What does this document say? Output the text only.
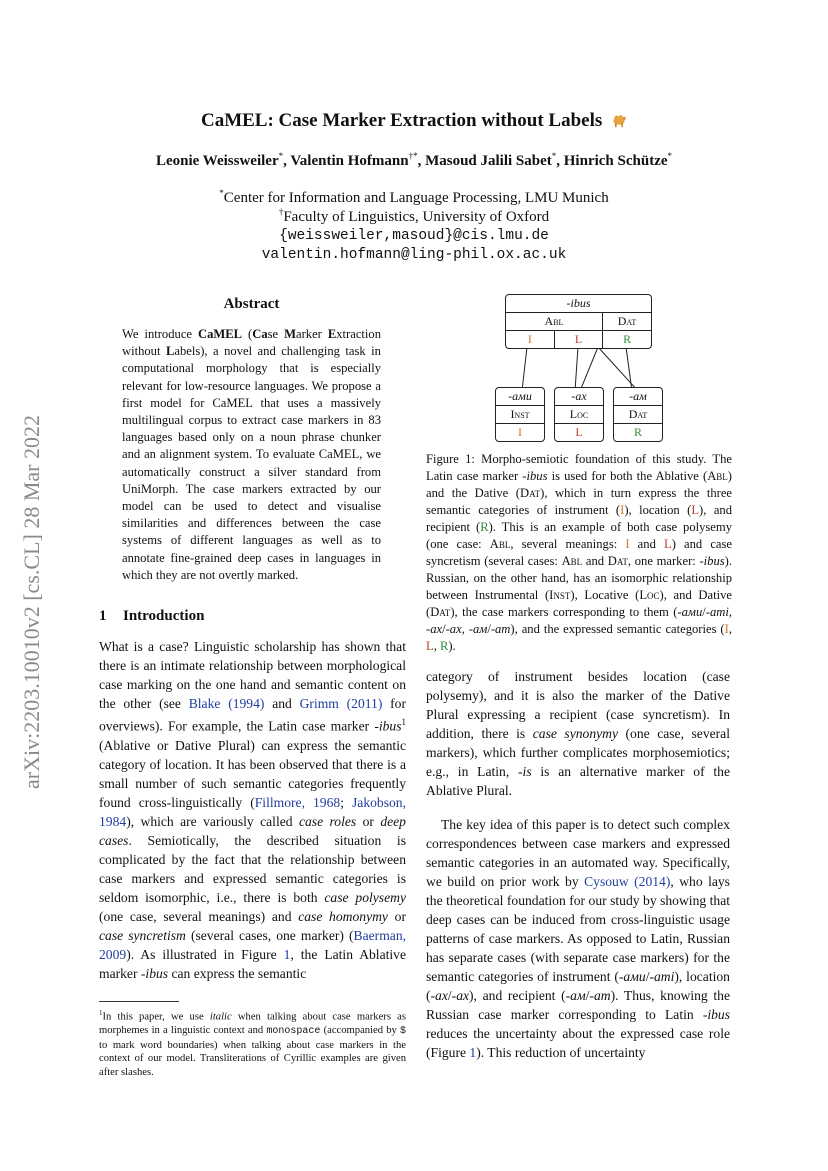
CaMEL: Case Marker Extraction without Labels
Leonie Weissweiler*, Valentin Hofmann†*, Masoud Jalili Sabet*, Hinrich Schütze*
*Center for Information and Language Processing, LMU Munich
†Faculty of Linguistics, University of Oxford
{weissweiler,masoud}@cis.lmu.de
valentin.hofmann@ling-phil.ox.ac.uk
arXiv:2203.10010v2 [cs.CL] 28 Mar 2022
Abstract
We introduce CaMEL (Case Marker Extraction without Labels), a novel and challenging task in computational morphology that is especially relevant for low-resource languages. We propose a first model for CaMEL that uses a massively multilingual corpus to extract case markers in 83 languages based only on a noun phrase chunker and an alignment system. To evaluate CaMEL, we automatically construct a silver standard from UniMorph. The case markers extracted by our model can be used to detect and visualise similarities and differences between the case systems of different languages as well as to annotate fine-grained deep cases in languages in which they are not overtly marked.
1 Introduction
What is a case? Linguistic scholarship has shown that there is an intimate relationship between morphological case marking on the one hand and semantic content on the other (see Blake (1994) and Grimm (2011) for overviews). For example, the Latin case marker -ibus$^1$ (Ablative or Dative Plural) can express the semantic category of location. It has been observed that there is a small number of such semantic categories frequently found cross-linguistically (Fillmore, 1968; Jakobson, 1984), which are variously called case roles or deep cases. Semiotically, the described situation is complicated by the fact that the relationship between case markers and expressed semantic categories is seldom isomorphic, i.e., there is both case polysemy (one case, several meanings) and case homonymy or case syncretism (several cases, one marker) (Baerman, 2009). As illustrated in Figure 1, the Latin Ablative marker -ibus can express the semantic
$^1$In this paper, we use italic when talking about case markers as morphemes in a linguistic context and monospace (accompanied by $ to mark word boundaries) when talking about case markers in the context of our model. Transliterations of Cyrillic examples are given after slashes.
-ibus
Abl	Dat
I	L	R
-ами
Inst
I
-ах
Loc
L
-ам
Dat
R
Figure 1: Morpho-semiotic foundation of this study. The Latin case marker -ibus is used for both the Ablative (Abl) and the Dative (Dat), which in turn express the three semantic categories of instrument (I), location (L), and recipient (R). This is an example of both case polysemy (one case: Abl, several meanings: I and L) and case syncretism (several cases: Abl and Dat, one marker: -ibus). Russian, on the other hand, has an isomorphic relationship between Instrumental (Inst), Locative (Loc), and Dative (Dat), the case markers corresponding to them (-ами/-ami, -ах/-ax, -ам/-am), and the expressed semantic categories (I, L, R).
category of instrument besides location (case polysemy), and it is also the marker of the Dative Plural expressing a recipient (case syncretism). In addition, there is case synonymy (one case, several markers), which further complicates morphosemiotics; e.g., in Latin, -is is an alternative marker of the Ablative Plural.
The key idea of this paper is to detect such complex correspondences between case markers and expressed semantic categories in an automated way. Specifically, we build on prior work by Cysouw (2014), who lays the theoretical foundation for our study by showing that deep cases can be induced from cross-linguistic usage patterns of case markers. As opposed to Latin, Russian has separate cases (with separate case markers) for the semantic categories of instrument (-ами/-ami), location (-ах/-ax), and recipient (-ам/-am). Thus, knowing the Russian case marker corresponding to Latin -ibus reduces the uncertainty about the expressed case role (Figure 1). This reduction of uncertainty
